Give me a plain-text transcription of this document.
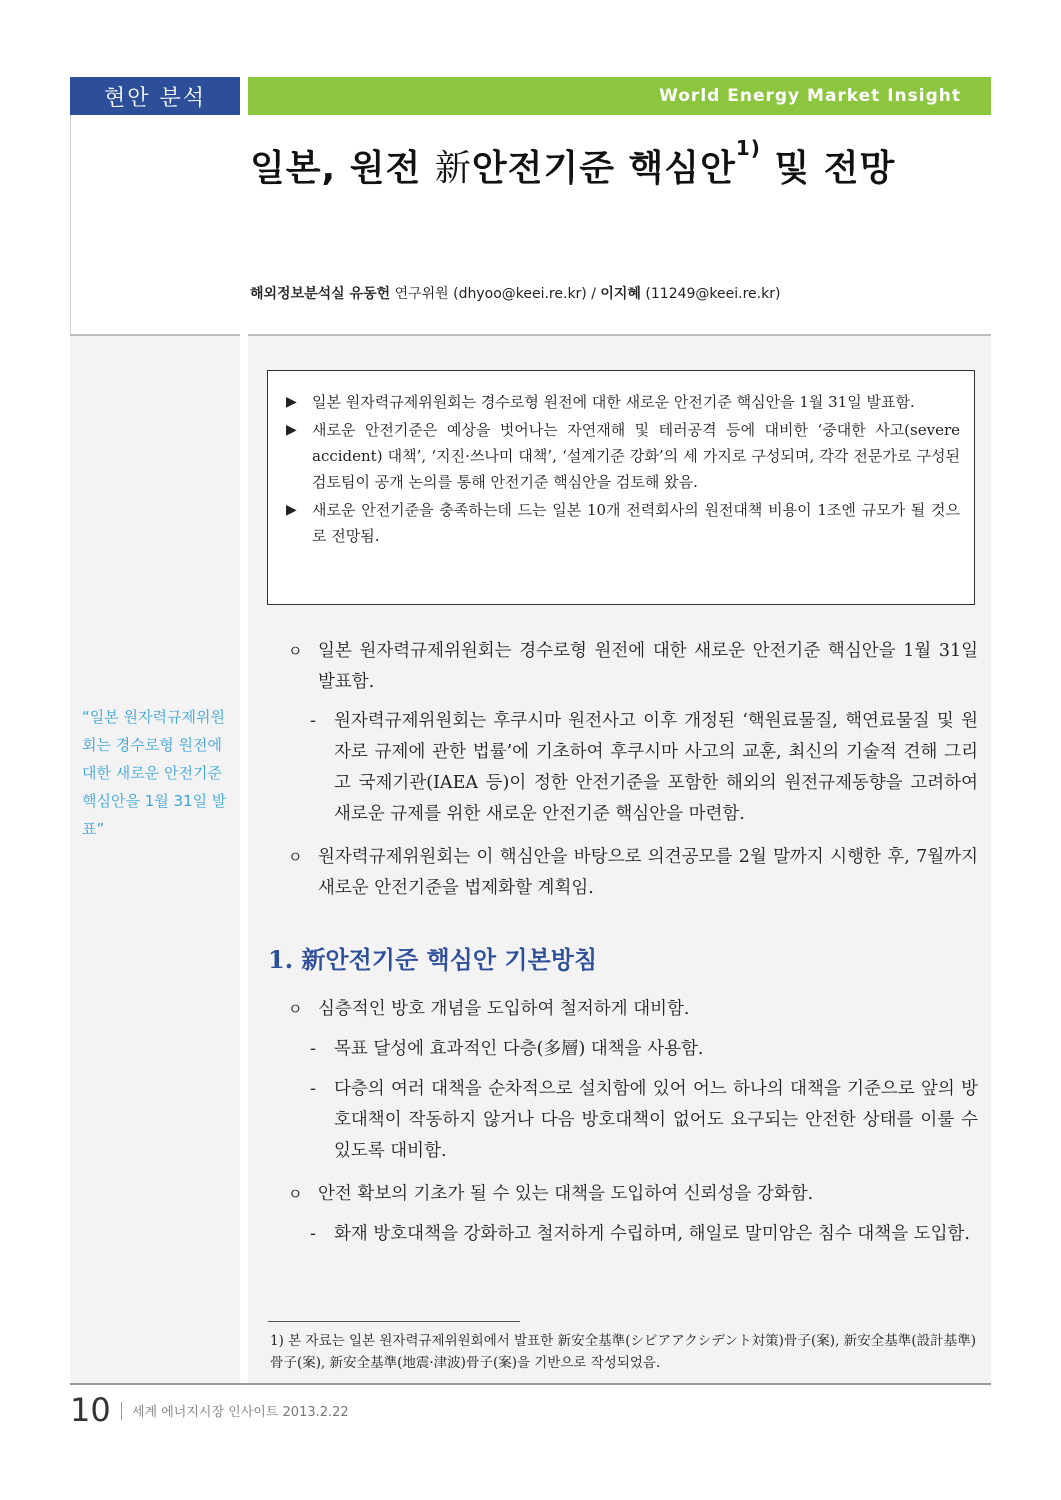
현안 분석	World Energy Market Insight
일본, 원전 新안전기준 핵심안$^{1)}$ 및 전망
해외정보분석실 유동헌 연구위원 (dhyoo@keei.re.kr) / 이지혜 (11249@keei.re.kr)
“일본 원자력규제위원회는 경수로형 원전에 대한 새로운 안전기준 핵심안을 1월 31일 발표”
▶	일본 원자력규제위원회는 경수로형 원전에 대한 새로운 안전기준 핵심안을 1월 31일 발표함.
▶	새로운 안전기준은 예상을 벗어나는 자연재해 및 테러공격 등에 대비한 ‘중대한 사고(severe accident) 대책’, ‘지진·쓰나미 대책’, ‘설계기준 강화’의 세 가지로 구성되며, 각각 전문가로 구성된 검토팀이 공개 논의를 통해 안전기준 핵심안을 검토해 왔음.
▶	새로운 안전기준을 충족하는데 드는 일본 10개 전력회사의 원전대책 비용이 1조엔 규모가 될 것으로 전망됨.
ㅇ 일본 원자력규제위원회는 경수로형 원전에 대한 새로운 안전기준 핵심안을 1월 31일 발표함.
-	원자력규제위원회는 후쿠시마 원전사고 이후 개정된 ‘핵원료물질, 핵연료물질 및 원자로 규제에 관한 법률’에 기초하여 후쿠시마 사고의 교훈, 최신의 기술적 견해 그리고 국제기관(IAEA 등)이 정한 안전기준을 포함한 해외의 원전규제동향을 고려하여 새로운 규제를 위한 새로운 안전기준 핵심안을 마련함.
ㅇ 원자력규제위원회는 이 핵심안을 바탕으로 의견공모를 2월 말까지 시행한 후, 7월까지 새로운 안전기준을 법제화할 계획임.
1. 新안전기준 핵심안 기본방침
ㅇ 심층적인 방호 개념을 도입하여 철저하게 대비함.
-	목표 달성에 효과적인 다층(多層) 대책을 사용함.
-	다층의 여러 대책을 순차적으로 설치함에 있어 어느 하나의 대책을 기준으로 앞의 방호대책이 작동하지 않거나 다음 방호대책이 없어도 요구되는 안전한 상태를 이룰 수 있도록 대비함.
ㅇ 안전 확보의 기초가 될 수 있는 대책을 도입하여 신뢰성을 강화함.
-	화재 방호대책을 강화하고 철저하게 수립하며, 해일로 말미암은 침수 대책을 도입함.
1) 본 자료는 일본 원자력규제위원회에서 발표한 新安全基準(シビアアクシデント対策)骨子(案), 新安全基準(設計基準)骨子(案), 新安全基準(地震·津波)骨子(案)을 기반으로 작성되었음.
10 세계 에너지시장 인사이트 2013.2.22
